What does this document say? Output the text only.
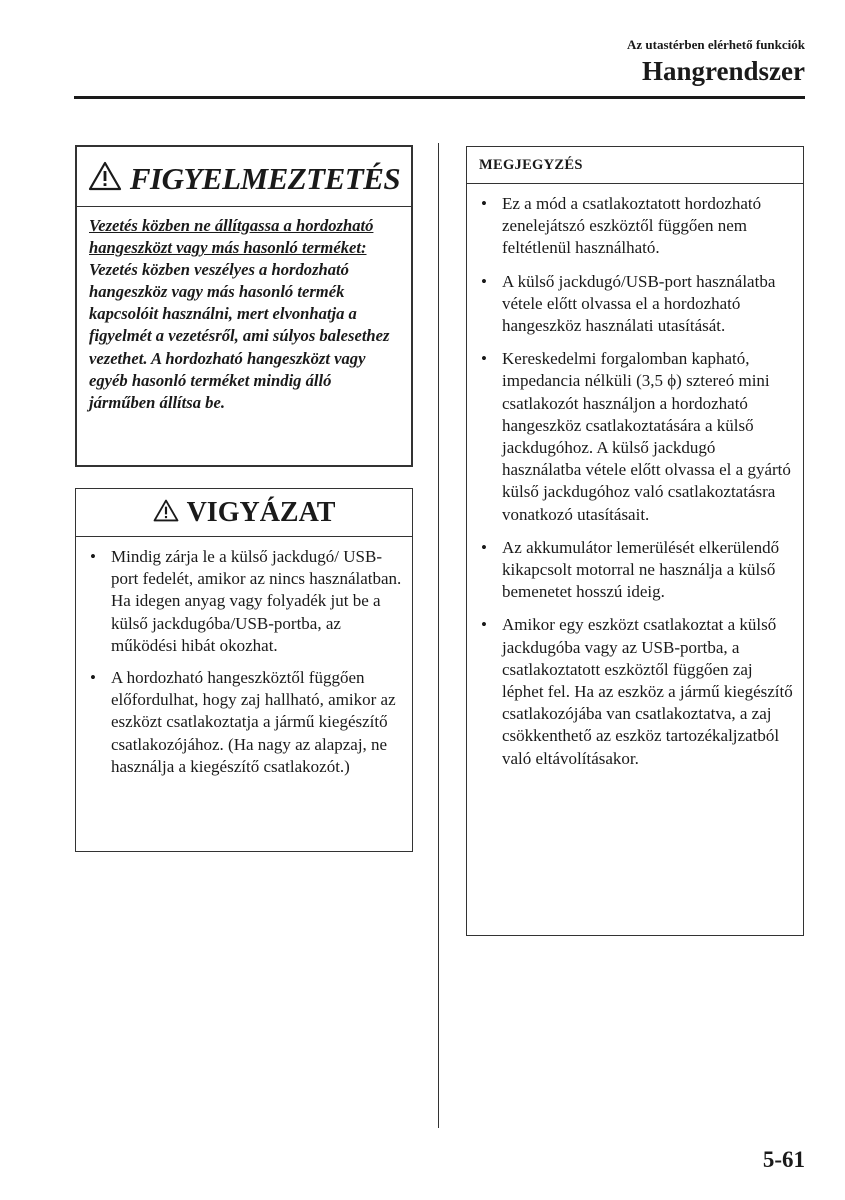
Az utastérben elérhető funkciók
Hangrendszer
FIGYELMEZTETÉS
Vezetés közben ne állítgassa a hordozható hangeszközt vagy más hasonló terméket:
Vezetés közben veszélyes a hordozható hangeszköz vagy más hasonló termék kapcsolóit használni, mert elvonhatja a figyelmét a vezetésről, ami súlyos balesethez vezethet. A hordozható hangeszközt vagy egyéb hasonló terméket mindig álló járműben állítsa be.
VIGYÁZAT
• Mindig zárja le a külső jackdugó/ USB-port fedelét, amikor az nincs használatban. Ha idegen anyag vagy folyadék jut be a külső jackdugóba/USB-portba, az működési hibát okozhat.
• A hordozható hangeszköztől függően előfordulhat, hogy zaj hallható, amikor az eszközt csatlakoztatja a jármű kiegészítő csatlakozójához. (Ha nagy az alapzaj, ne használja a kiegészítő csatlakozót.)
MEGJEGYZÉS
• Ez a mód a csatlakoztatott hordozható zenelejátszó eszköztől függően nem feltétlenül használható.
• A külső jackdugó/USB-port használatba vétele előtt olvassa el a hordozható hangeszköz használati utasítását.
• Kereskedelmi forgalomban kapható, impedancia nélküli (3,5 ϕ) sztereó mini csatlakozót használjon a hordozható hangeszköz csatlakoztatására a külső jackdugóhoz. A külső jackdugó használatba vétele előtt olvassa el a gyártó külső jackdugóhoz való csatlakoztatásra vonatkozó utasításait.
• Az akkumulátor lemerülését elkerülendő kikapcsolt motorral ne használja a külső bemenetet hosszú ideig.
• Amikor egy eszközt csatlakoztat a külső jackdugóba vagy az USB-portba, a csatlakoztatott eszköztől függően zaj léphet fel. Ha az eszköz a jármű kiegészítő csatlakozójába van csatlakoztatva, a zaj csökkenthető az eszköz tartozékaljzatból való eltávolításakor.
5-61
